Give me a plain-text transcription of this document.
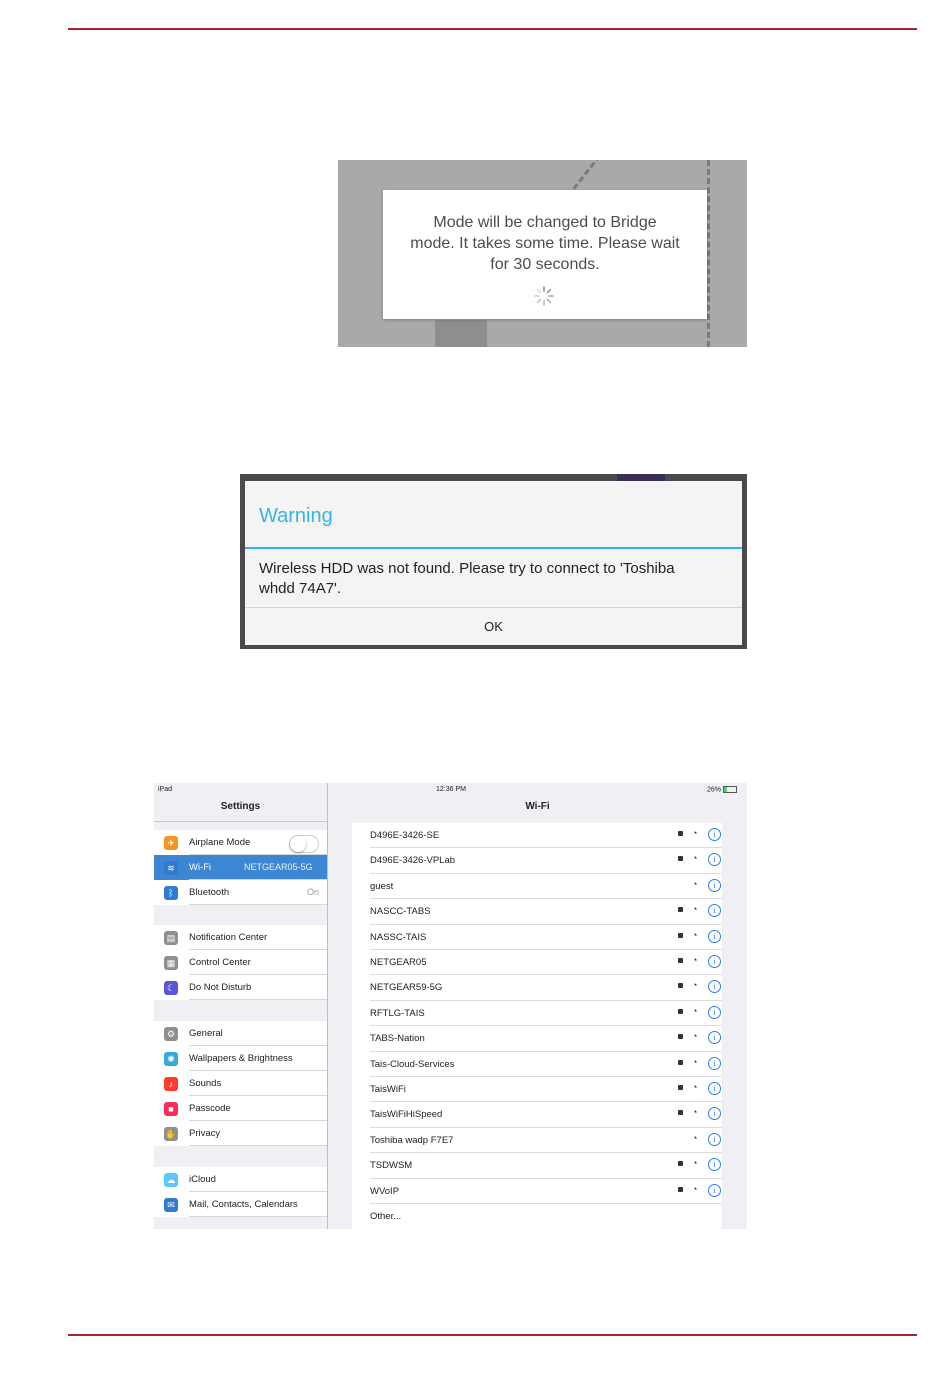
Mode will be changed to Bridge
mode. It takes some time. Please wait
for 30 seconds.
Warning
Wireless HDD was not found. Please try to connect to 'Toshiba
whdd 74A7'.
OK
iPad	12:36 PM	26%
Settings
✈	Airplane Mode
≋	Wi-Fi	NETGEAR05-5G
ᛒ	Bluetooth	On
▤ Notification Center
▦ Control Center
☾	Do Not Disturb
⚙	General
✺	Wallpapers & Brightness
♪	Sounds
■	Passcode
✋ Privacy
☁ iCloud
✉	Mail, Contacts, Calendars
Wi-Fi
D496E-3426-SE	◔	i
D496E-3426-VPLab	◔	i
guest	◔	i
NASCC-TABS	◔	i
NASSC-TAIS	◔	i
NETGEAR05	◔	i
NETGEAR59-5G	◔	i
RFTLG-TAIS	◔	i
TABS-Nation	◔	i
Tais-Cloud-Services	◔	i
TaisWiFi	◔	i
TaisWiFiHiSpeed	◔	i
Toshiba wadp F7E7	◔	i
TSDWSM	◔	i
WVoIP	◔	i
Other...
